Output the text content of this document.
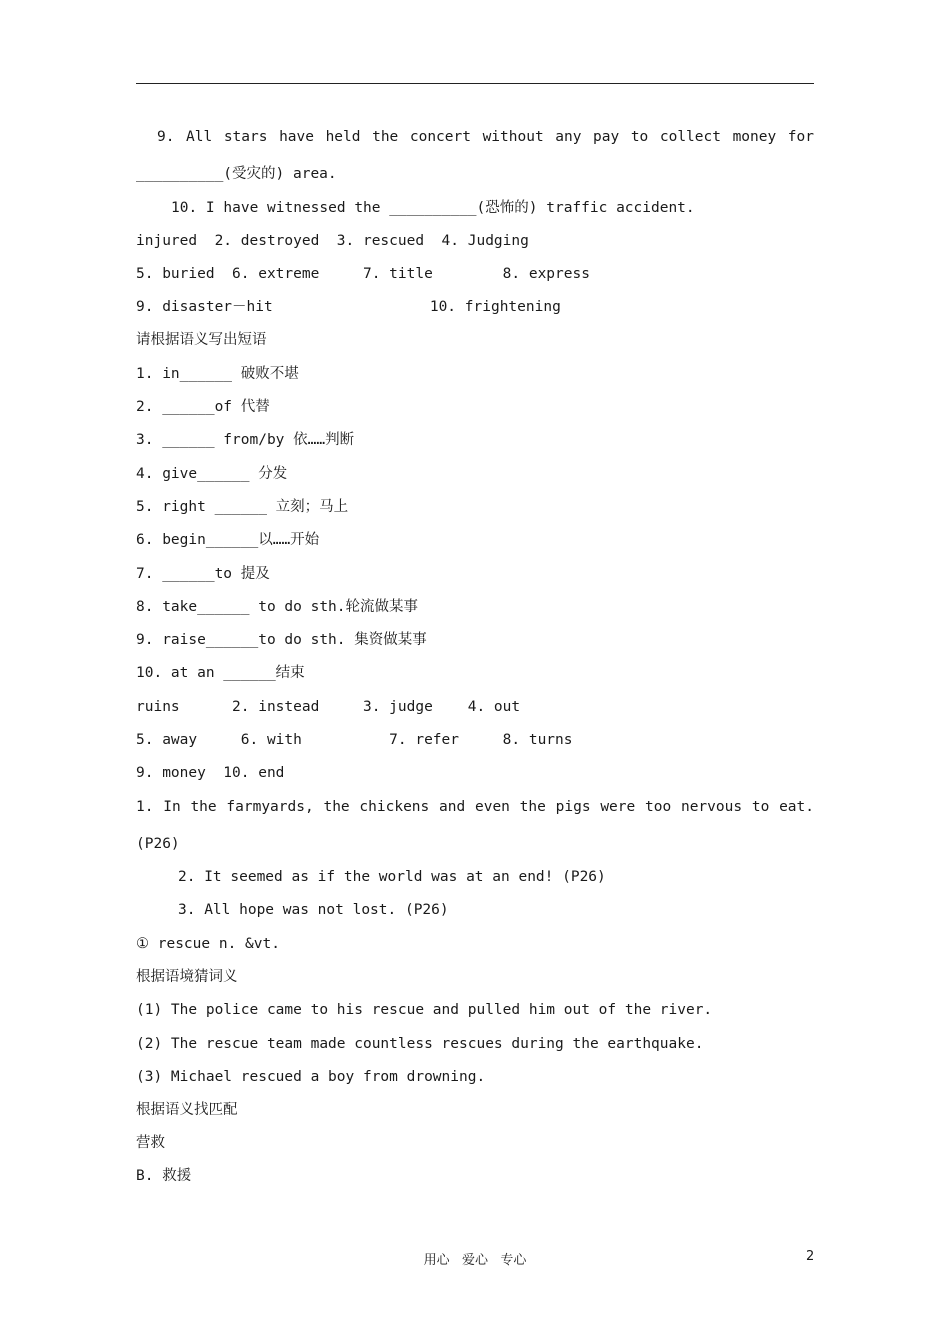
9. All stars have held the concert without any pay to collect money for
__________(受灾的) area.
10. I have witnessed the __________(恐怖的) traffic accident.
injured  2. destroyed  3. rescued  4. Judging
5. buried  6. extreme     7. title        8. express
9. disaster－hit                  10. frightening
请根据语义写出短语
1. in______ 破败不堪
2. ______of 代替
3. ______ from/by 依……判断
4. give______ 分发
5. right ______ 立刻；马上
6. begin______以……开始
7. ______to 提及
8. take______ to do sth.轮流做某事
9. raise______to do sth. 集资做某事
10. at an ______结束
ruins      2. instead     3. judge    4. out
5. away     6. with          7. refer     8. turns
9. money  10. end
1. In the farmyards, the chickens and even the pigs were too nervous to eat.
(P26)
2. It seemed as if the world was at an end! (P26)
3. All hope was not lost. (P26)
① rescue n. &vt.
根据语境猜词义
(1) The police came to his rescue and pulled him out of the river.
(2) The rescue team made countless rescues during the earthquake.
(3) Michael rescued a boy from drowning.
根据语义找匹配
营救
B. 救援
用心   爱心   专心	2
